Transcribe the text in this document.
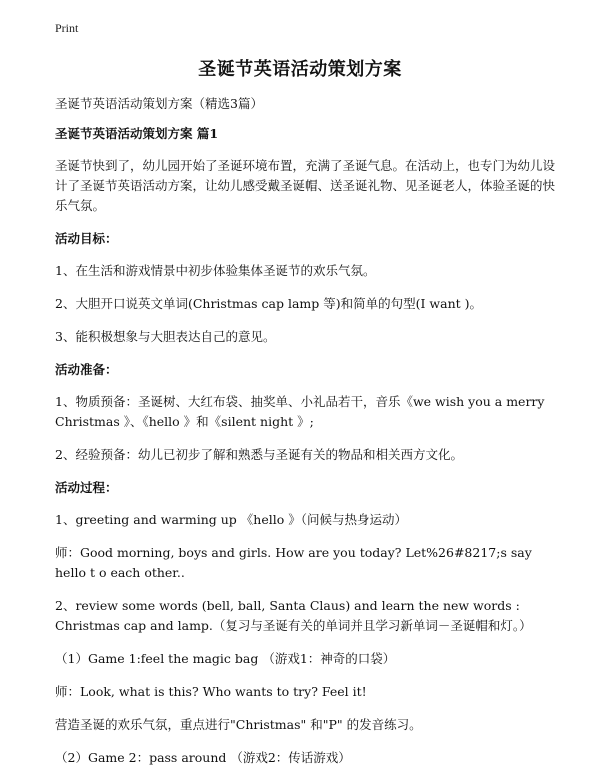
Print
圣诞节英语活动策划方案

圣诞节英语活动策划方案（精选3篇）

圣诞节英语活动策划方案 篇1

圣诞节快到了，幼儿园开始了圣诞环境布置，充满了圣诞气息。在活动上，也专门为幼儿设计了圣诞节英语活动方案，让幼儿感受戴圣诞帽、送圣诞礼物、见圣诞老人，体验圣诞的快乐气氛。

活动目标：

1、在生活和游戏情景中初步体验集体圣诞节的欢乐气氛。

2、大胆开口说英文单词(Christmas cap lamp 等)和简单的句型(I want )。

3、能积极想象与大胆表达自己的意见。

活动准备：

1、物质预备：圣诞树、大红布袋、抽奖单、小礼品若干，音乐《we wish you a merry Christmas 》、《hello 》和《silent night 》;

2、经验预备：幼儿已初步了解和熟悉与圣诞有关的物品和相关西方文化。

活动过程：

1、greeting and warming up 《hello 》（问候与热身运动）

师：Good morning, boys and girls. How are you today? Let%26#8217;s say hello t o each other..

2、review some words (bell, ball, Santa Claus) and learn the new words : Christmas cap and lamp.（复习与圣诞有关的单词并且学习新单词－圣诞帽和灯。）

（1）Game 1:feel the magic bag （游戏1：神奇的口袋）

师：Look, what is this? Who wants to try? Feel it!

营造圣诞的欢乐气氛，重点进行"Christmas" 和"P" 的发音练习。

（2）Game 2：pass around （游戏2：传话游戏）
